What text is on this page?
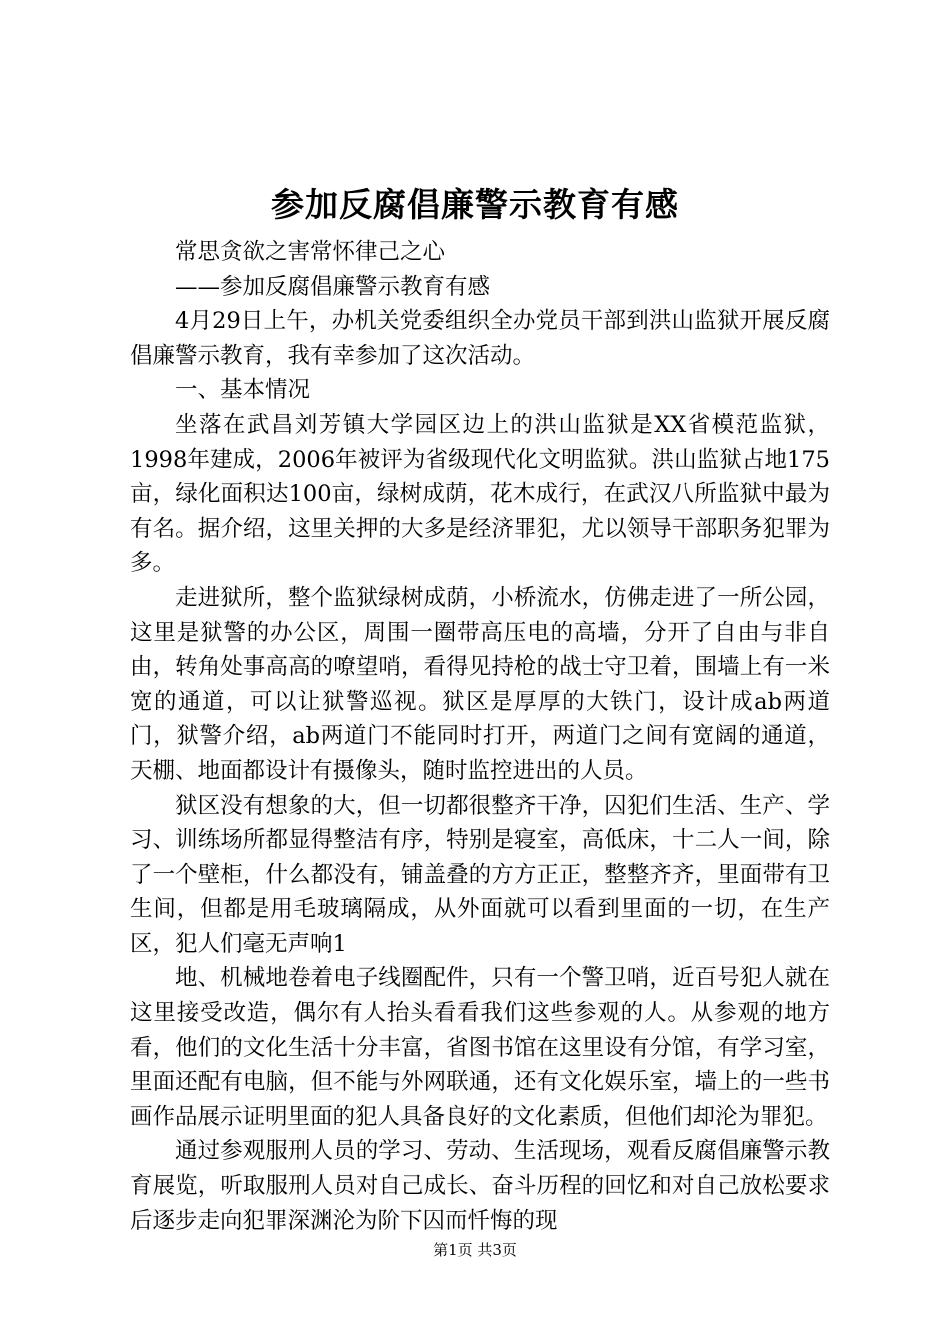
参加反腐倡廉警示教育有感

常思贪欲之害常怀律己之心

——参加反腐倡廉警示教育有感

4月29日上午，办机关党委组织全办党员干部到洪山监狱开展反腐倡廉警示教育，我有幸参加了这次活动。

一、基本情况

坐落在武昌刘芳镇大学园区边上的洪山监狱是XX省模范监狱，1998年建成，2006年被评为省级现代化文明监狱。洪山监狱占地175亩，绿化面积达100亩，绿树成荫，花木成行，在武汉八所监狱中最为有名。据介绍，这里关押的大多是经济罪犯，尤以领导干部职务犯罪为多。

走进狱所，整个监狱绿树成荫，小桥流水，仿佛走进了一所公园，这里是狱警的办公区，周围一圈带高压电的高墙，分开了自由与非自由，转角处事高高的嘹望哨，看得见持枪的战士守卫着，围墙上有一米宽的通道，可以让狱警巡视。狱区是厚厚的大铁门，设计成ab两道门，狱警介绍，ab两道门不能同时打开，两道门之间有宽阔的通道，天棚、地面都设计有摄像头，随时监控进出的人员。

狱区没有想象的大，但一切都很整齐干净，囚犯们生活、生产、学习、训练场所都显得整洁有序，特别是寝室，高低床，十二人一间，除了一个壁柜，什么都没有，铺盖叠的方方正正，整整齐齐，里面带有卫生间，但都是用毛玻璃隔成，从外面就可以看到里面的一切，在生产区，犯人们毫无声响1

地、机械地卷着电子线圈配件，只有一个警卫哨，近百号犯人就在这里接受改造，偶尔有人抬头看看我们这些参观的人。从参观的地方看，他们的文化生活十分丰富，省图书馆在这里设有分馆，有学习室，里面还配有电脑，但不能与外网联通，还有文化娱乐室，墙上的一些书画作品展示证明里面的犯人具备良好的文化素质，但他们却沦为罪犯。

通过参观服刑人员的学习、劳动、生活现场，观看反腐倡廉警示教育展览，听取服刑人员对自己成长、奋斗历程的回忆和对自己放松要求后逐步走向犯罪深渊沦为阶下囚而忏悔的现

第1页 共3页
